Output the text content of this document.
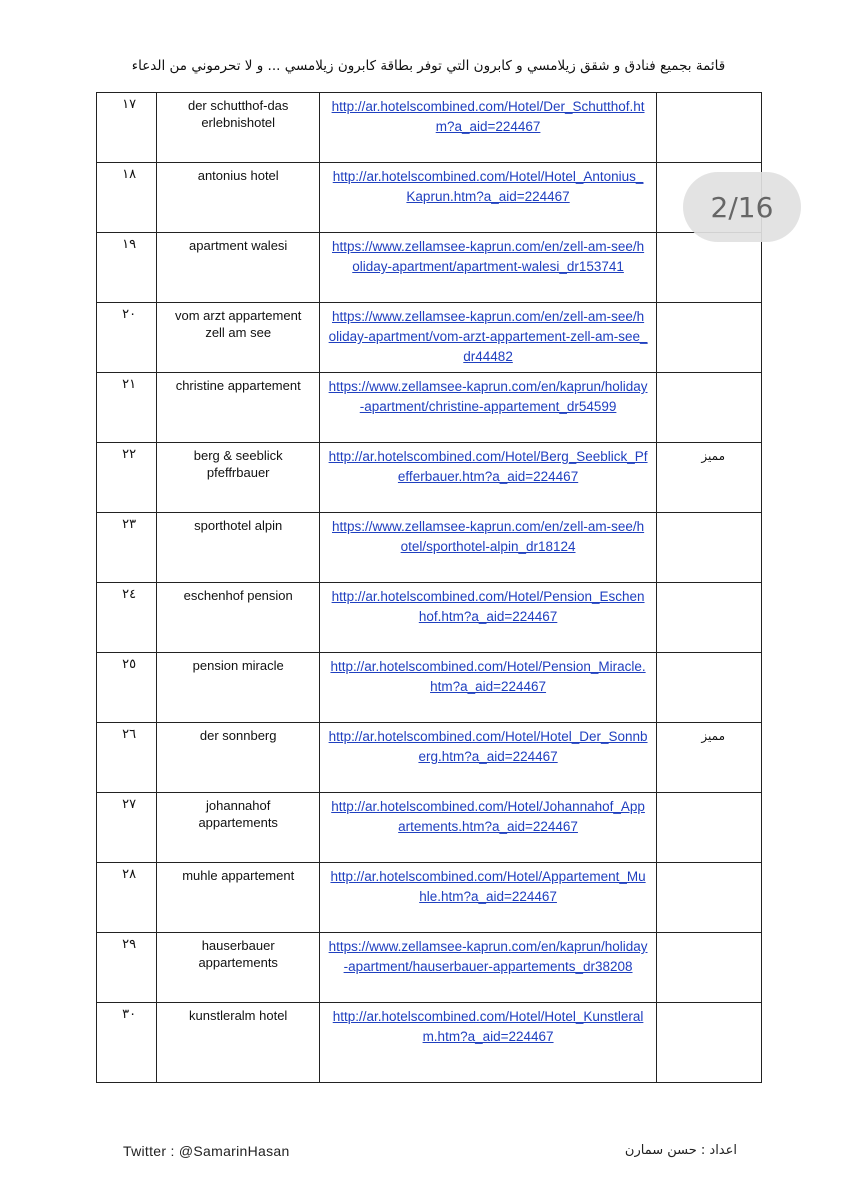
قائمة بجميع فنادق و شقق زيلامسي و كابرون التي توفر بطاقة كابرون زيلامسي ... و لا تحرموني من الدعاء
١٧	der schutthof-das erlebnishotel	http://ar.hotelscombined.com/Hotel/Der_Schutthof.htm?a_aid=224467	
١٨	antonius hotel	http://ar.hotelscombined.com/Hotel/Hotel_Antonius_Kaprun.htm?a_aid=224467	
١٩	apartment walesi	https://www.zellamsee-kaprun.com/en/zell-am-see/holiday-apartment/apartment-walesi_dr153741	
٢٠	vom arzt appartement zell am see	https://www.zellamsee-kaprun.com/en/zell-am-see/holiday-apartment/vom-arzt-appartement-zell-am-see_dr44482	
٢١	christine appartement	https://www.zellamsee-kaprun.com/en/kaprun/holiday-apartment/christine-appartement_dr54599	
٢٢	berg & seeblick pfeffrbauer	http://ar.hotelscombined.com/Hotel/Berg_Seeblick_Pfefferbauer.htm?a_aid=224467	مميز
٢٣	sporthotel alpin	https://www.zellamsee-kaprun.com/en/zell-am-see/hotel/sporthotel-alpin_dr18124	
٢٤	eschenhof pension	http://ar.hotelscombined.com/Hotel/Pension_Eschenhof.htm?a_aid=224467	
٢٥	pension miracle	http://ar.hotelscombined.com/Hotel/Pension_Miracle.htm?a_aid=224467	
٢٦	der sonnberg	http://ar.hotelscombined.com/Hotel/Hotel_Der_Sonnberg.htm?a_aid=224467	مميز
٢٧	johannahof appartements	http://ar.hotelscombined.com/Hotel/Johannahof_Appartements.htm?a_aid=224467	
٢٨	muhle appartement	http://ar.hotelscombined.com/Hotel/Appartement_Muhle.htm?a_aid=224467	
٢٩	hauserbauer appartements	https://www.zellamsee-kaprun.com/en/kaprun/holiday-apartment/hauserbauer-appartements_dr38208	
٣٠	kunstleralm hotel	http://ar.hotelscombined.com/Hotel/Hotel_Kunstleralm.htm?a_aid=224467	
Twitter : @SamarinHasan	اعداد : حسن سمارن
2/16
